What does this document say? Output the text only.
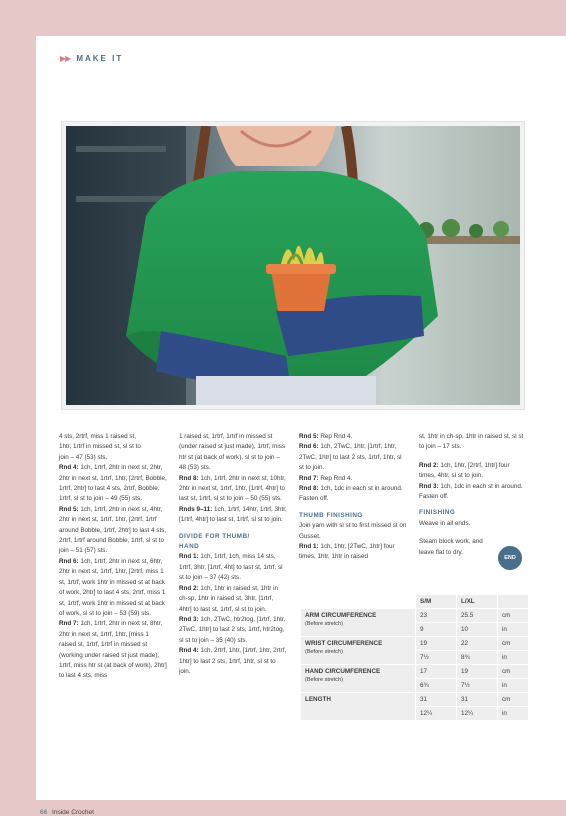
▶▶ MAKE IT

4 sts, 2rtrf, miss 1 raised st,

1htr, 1rtrf in missed st, sl st to

join – 47 (53) sts.

Rnd 4: 1ch, 1rtrf, 2htr in next st, 2htr, 2htr in next st, 1rtrf, 1htr, [2rtrf, Bobble, 1rtrf, 2htr] to last 4 sts, 2rtrf, Bobble, 1rtrf, sl st to join – 49 (55) sts.

Rnd 5: 1ch, 1rtrf, 2htr in next st, 4htr, 2htr in next st, 1rtrf, 1htr, [2rtrf, 1rtrf around Bobble, 1rtrf, 2htr] to last 4 sts, 2rtrf, 1rtrf around Bobble, 1rtrf, sl st to join – 51 (57) sts.

Rnd 6: 1ch, 1rtrf, 2htr in next st, 6htr, 2htr in next st, 1rtrf, 1htr, [2rtrf, miss 1 st, 1rtrf, work 1htr in missed st at back of work, 2htr] to last 4 sts, 2rtrf, miss 1 st, 1rtrf, work 1htr in missed st at back of work, sl st to join – 53 (59) sts.

Rnd 7: 1ch, 1rtrf, 2htr in next st, 8htr, 2htr in next st, 1rtrf, 1htr, [miss 1 raised st, 1rtrf, 1rtrf in missed st (working under raised st just made), 1rtrf, miss htr st (at back of work), 2htr] to last 4 sts, miss

1 raised st, 1rtrf, 1rtrf in missed st (under raised st just made), 1rtrf, miss htr st (at back of work), sl st to join – 48 (53) sts.

Rnd 8: 1ch, 1rtrf, 2htr in next st, 10htr, 2htr in next st, 1rtrf, 1htr, [1rtrf, 4htr] to last st, 1rtrf, sl st to join – 50 (55) sts.

Rnds 9–11: 1ch, 1rtrf, 14htr, 1rtrf, 3htr, [1rtrf, 4htr] to last st, 1rtrf, sl st to join.

DIVIDE FOR THUMB/
HAND

Rnd 1: 1ch, 1rtrf, 1ch, miss 14 sts, 1rtrf, 3htr, [1rtrf, 4ht] to last st, 1rtrf, sl st to join – 37 (42) sts.

Rnd 2: 1ch, 1htr in raised st, 1htr in ch-sp, 1htr in raised st, 3htr, [1rtrf, 4htr] to last st, 1rtrf, sl st to join.

Rnd 3: 1ch, 2TwC, htr2tog, [1rtrf, 1htr, 2TwC, 1htr] to last 2 sts, 1rtrf, htr2tog, sl st to join – 35 (40) sts.

Rnd 4: 1ch, 2rtrf, 1htr, [1rtrf, 1htr, 2rtrf, 1htr] to last 2 sts, 1rtrf, 1htr, sl st to join.

Rnd 5: Rep Rnd 4.

Rnd 6: 1ch, 2TwC, 1htr, [1rtrf, 1htr, 2TwC, 1htr] to last 2 sts, 1rtrf, 1htr, sl st to join.

Rnd 7: Rep Rnd 4.

Rnd 8: 1ch, 1dc in each st in around.

Fasten off.

THUMB FINISHING

Join yarn with sl st to first missed st on Gusset.

Rnd 1: 1ch, 1htr, [2TwC, 1htr] four times, 1htr, 1htr in raised

st, 1htr in ch-sp, 1htr in raised st, sl st to join – 17 sts.

Rnd 2: 1ch, 1htr, [2rtrf, 1htr] four times, 4htr, sl st to join.

Rnd 3: 1ch, 1dc in each st in around.

Fasten off.

FINISHING

Weave in all ends.

Steam block work, and leave flat to dry.

END
	S/M	L/XL	
ARM CIRCUMFERENCE
(Before stretch)	23	25.5	cm
	9	10	in
WRIST CIRCUMFERENCE
(Before stretch)	19	22	cm
	7½	8¾	in
HAND CIRCUMFERENCE
(Before stretch)	17	19	cm
	6¾	7½	in
LENGTH	31	31	cm
	12¼	12¼	in
66 Inside Crochet
PassionForum.ru
